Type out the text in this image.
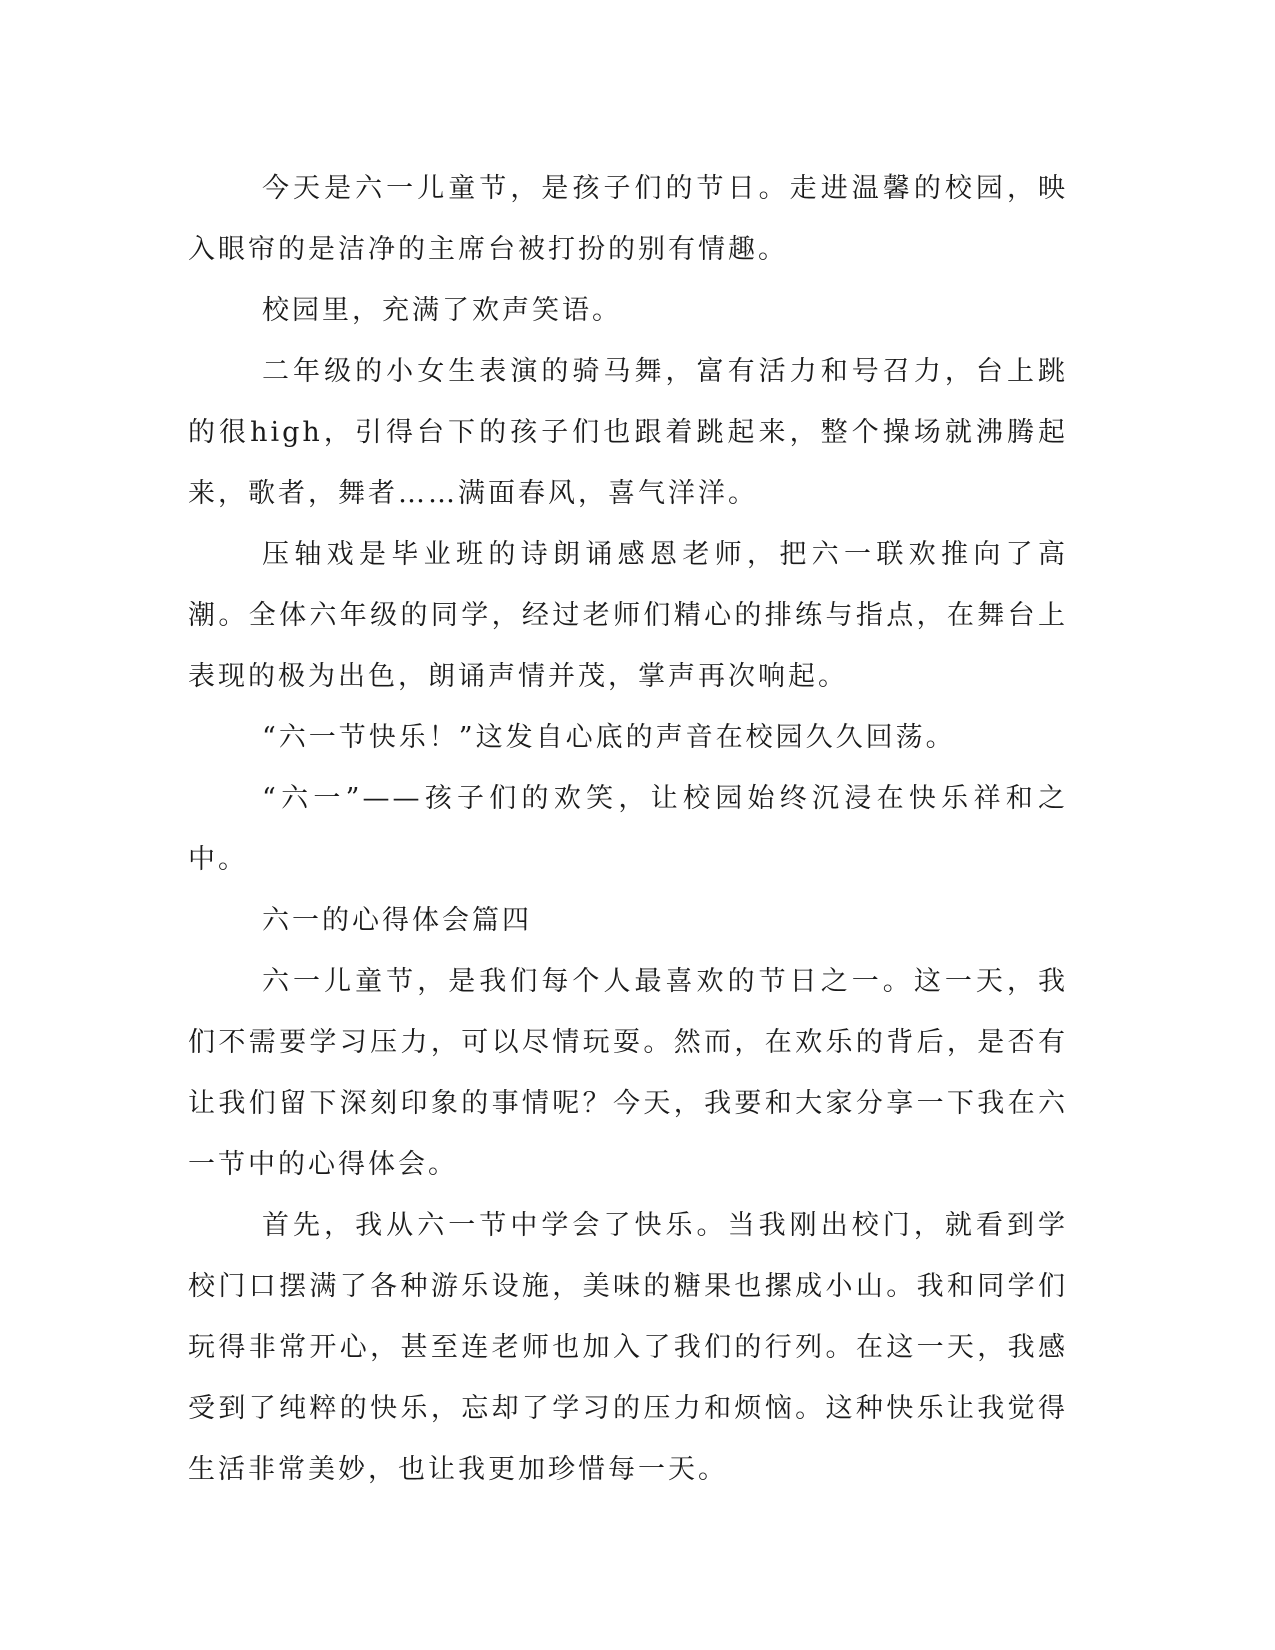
今天是六一儿童节，是孩子们的节日。走进温馨的校园，映入眼帘的是洁净的主席台被打扮的别有情趣。

校园里，充满了欢声笑语。

二年级的小女生表演的骑马舞，富有活力和号召力，台上跳的很high，引得台下的孩子们也跟着跳起来，整个操场就沸腾起来，歌者，舞者……满面春风，喜气洋洋。

压轴戏是毕业班的诗朗诵感恩老师，把六一联欢推向了高潮。全体六年级的同学，经过老师们精心的排练与指点，在舞台上表现的极为出色，朗诵声情并茂，掌声再次响起。

“六一节快乐！”这发自心底的声音在校园久久回荡。

“六一”——孩子们的欢笑，让校园始终沉浸在快乐祥和之中。

六一的心得体会篇四

六一儿童节，是我们每个人最喜欢的节日之一。这一天，我们不需要学习压力，可以尽情玩耍。然而，在欢乐的背后，是否有让我们留下深刻印象的事情呢？今天，我要和大家分享一下我在六一节中的心得体会。

首先，我从六一节中学会了快乐。当我刚出校门，就看到学校门口摆满了各种游乐设施，美味的糖果也摞成小山。我和同学们玩得非常开心，甚至连老师也加入了我们的行列。在这一天，我感受到了纯粹的快乐，忘却了学习的压力和烦恼。这种快乐让我觉得生活非常美妙，也让我更加珍惜每一天。
